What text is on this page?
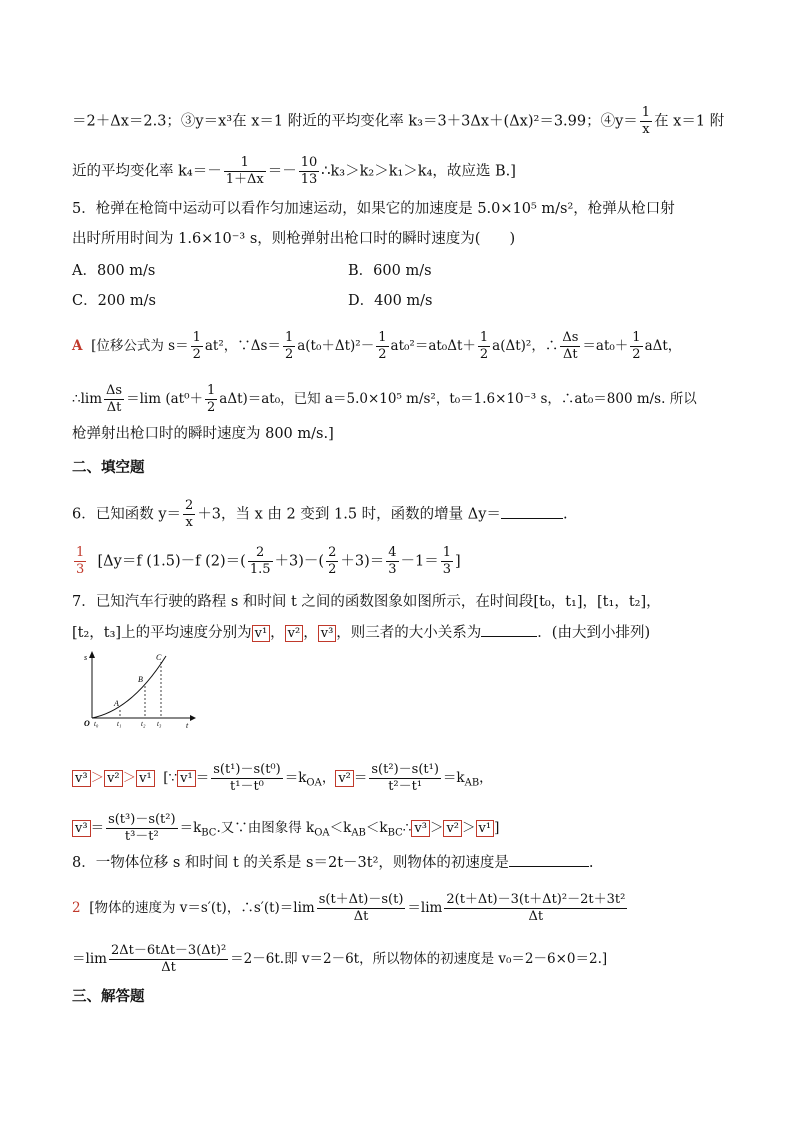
＝2＋Δx＝2.3；③y＝x³在 x＝1 附近的平均变化率 k₃＝3＋3Δx＋(Δx)²＝3.99；④y＝ $\frac{1}{x}$ 在 x＝1 附
近的平均变化率 $k_4=- \frac{1}{1+\Delta x} =- \frac{10}{13}$ ∴k₃＞k₂＞k₁＞k₄，故应选 B.]
5．枪弹在枪筒中运动可以看作匀加速运动，如果它的加速度是 5.0×10⁵ m/s²，枪弹从枪口射
出时所用时间为 1.6×10⁻³ s，则枪弹射出枪口时的瞬时速度为(　　)
A．800 m/s	B．600 m/s
C．200 m/s	D．400 m/s
A [位移公式为 $s= \frac{1}{2} at^2$，∵Δs＝ $\frac{1}{2} a(t_0+\Delta t)^2- \frac{1}{2} at_0^2=at_0\Delta t+ \frac{1}{2} a(\Delta t)^2$，∴ $\frac{\Delta s}{\Delta t} =at_0+ \frac{1}{2}$ aΔt，
∴lim $\frac{\Delta s}{\Delta t} =\lim$ $(at^0+ \frac{1}{2} a\Delta t)=at_0$，已知 a＝5.0×10⁵ m/s²，t₀＝1.6×10⁻³ s，∴at₀＝800 m/s. 所以
枪弹射出枪口时的瞬时速度为 800 m/s.]
二、填空题
6．已知函数 $y= \frac{2}{x} +3$，当 x 由 2 变到 1.5 时，函数的增量 Δy＝	.
$\frac{1}{3} [\Delta y=f$ (1.5)－f $(2)=( \frac{2}{1.5} +3)-( \frac{2}{2} +3)= \frac{4}{3} -1= \frac{1}{3}$ ]
7．已知汽车行驶的路程 s 和时间 t 之间的函数图象如图所示，在时间段[t₀，t₁]，[t₁，t₂]，
[t₂，t₃]上的平均速度分别为 v¹ ， v² ， v³ ，则三者的大小关系为	．(由大到小排列)
s
t
O
A
B
C
t₀	t₁	t₂ t₃
v³ ＞ v² ＞ v¹ [∵ $v^1 = \frac{\text{s(t¹)－s(t⁰)}}{\text{t¹－t⁰}} =k_{OA}$， $v^2 = \frac{\text{s(t²)－s(t¹)}}{\text{t²－t¹}} =k_{AB}$，
$v^3 = \frac{\text{s(t³)－s(t²)}}{\text{t³－t²}} =k_{BC}$.又∵由图象得 $k_{OA}<k_{AB}<k_{BC}\therefore$ v³ ＞ v² ＞ v¹ ]
8．一物体位移 s 和时间 t 的关系是 s＝2t－3t²，则物体的初速度是	.
2 [物体的速度为 v＝s′(t)，∴s′(t)＝lim $\frac{s(t+\Delta t)-s(t)}{\Delta t} =\lim \frac{\text{2(t＋Δt)－3(t＋Δt)²－2t＋3t²}}{\Delta t}$
$=\lim \frac{\text{2Δt－6tΔt－3(Δt)²}}{\Delta t} =2-6t$.即 v＝2－6t，所以物体的初速度是 v₀＝2－6×0＝2.]
三、解答题
